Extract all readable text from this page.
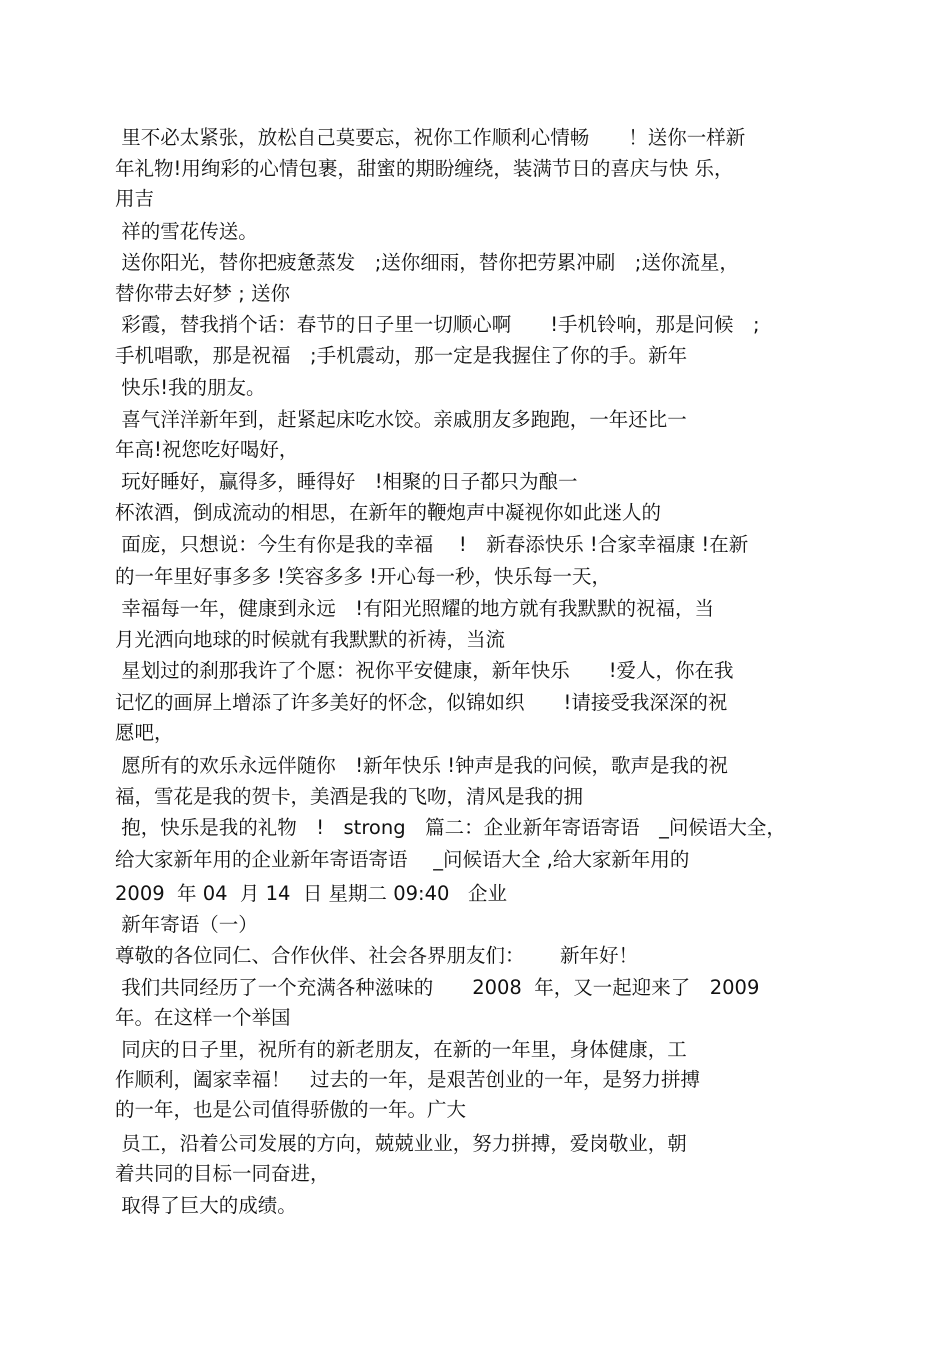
里不必太紧张，放松自己莫要忘，祝你工作顺利心情畅　　！送你一样新
年礼物!用绚彩的心情包裹，甜蜜的期盼缠绕，装满节日的喜庆与快 乐，
用吉
祥的雪花传送。
送你阳光，替你把疲惫蒸发　;送你细雨，替你把劳累冲刷　;送你流星，
替你带去好梦 ; 送你
彩霞，替我捎个话：春节的日子里一切顺心啊　　!手机铃响，那是问候　;
手机唱歌，那是祝福　;手机震动，那一定是我握住了你的手。新年
快乐!我的朋友。
喜气洋洋新年到，赶紧起床吃水饺。亲戚朋友多跑跑，一年还比一
年高!祝您吃好喝好，
玩好睡好，赢得多，睡得好　!相聚的日子都只为酿一
杯浓酒，倒成流动的相思，在新年的鞭炮声中凝视你如此迷人的
面庞，只想说：今生有你是我的幸福　 !　新春添快乐 !合家幸福康 !在新
的一年里好事多多 !笑容多多 !开心每一秒，快乐每一天，
幸福每一年，健康到永远　!有阳光照耀的地方就有我默默的祝福，当
月光洒向地球的时候就有我默默的祈祷，当流
星划过的刹那我许了个愿：祝你平安健康，新年快乐　　!爱人，你在我
记忆的画屏上增添了许多美好的怀念，似锦如织　　!请接受我深深的祝
愿吧，
愿所有的欢乐永远伴随你　!新年快乐 !钟声是我的问候，歌声是我的祝
福，雪花是我的贺卡，美酒是我的飞吻，清风是我的拥
抱，快乐是我的礼物　!　strong　篇二：企业新年寄语寄语　_问候语大全，
给大家新年用的企业新年寄语寄语　 _问候语大全 ,给大家新年用的
2009  年 04  月 14  日 星期二 09:40   企业
新年寄语（一）
尊敬的各位同仁、合作伙伴、社会各界朋友们：　　 新年好！
我们共同经历了一个充满各种滋味的　　2008  年，又一起迎来了　2009
年。在这样一个举国
同庆的日子里，祝所有的新老朋友，在新的一年里，身体健康，工
作顺利，阖家幸福！　过去的一年，是艰苦创业的一年，是努力拼搏
的一年，也是公司值得骄傲的一年。广大
员工，沿着公司发展的方向，兢兢业业，努力拼搏，爱岗敬业，朝
着共同的目标一同奋进，
取得了巨大的成绩。
